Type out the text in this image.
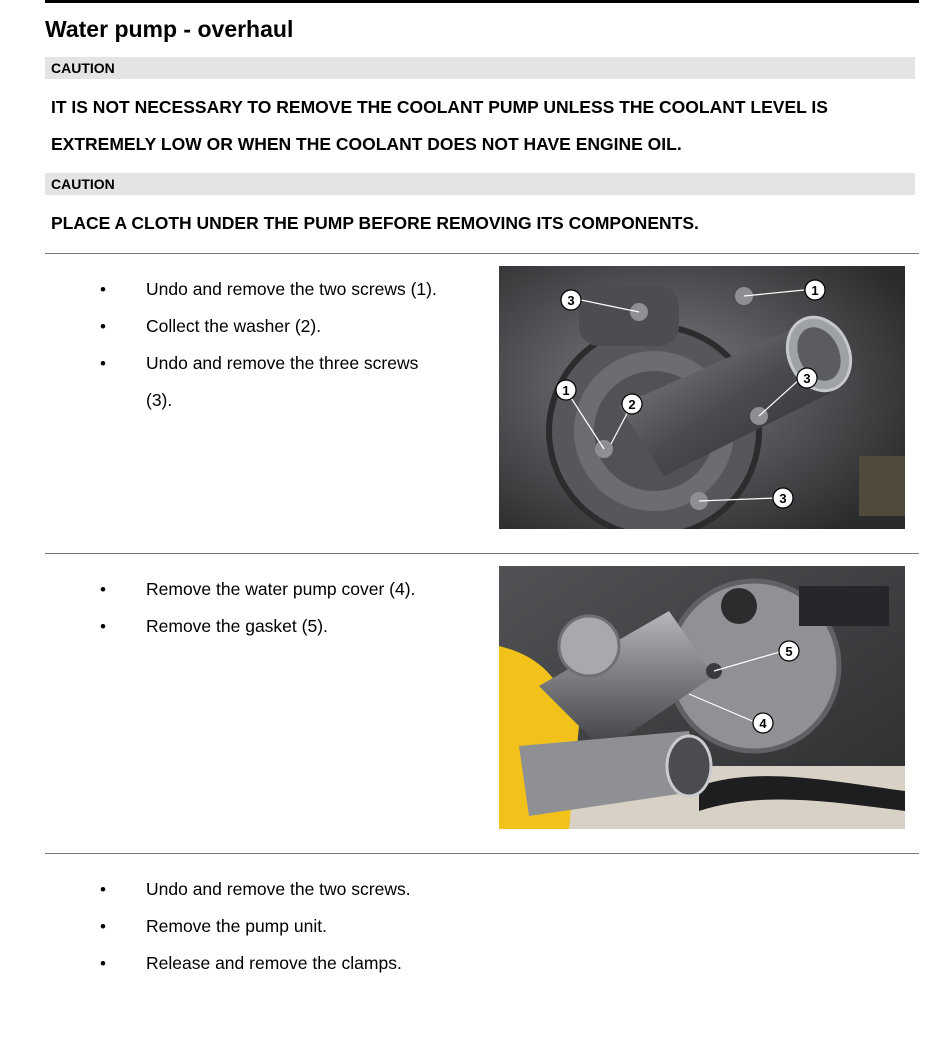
Water pump - overhaul
CAUTION

IT IS NOT NECESSARY TO REMOVE THE COOLANT PUMP UNLESS THE COOLANT LEVEL IS

EXTREMELY LOW OR WHEN THE COOLANT DOES NOT HAVE ENGINE OIL.

CAUTION

PLACE A CLOTH UNDER THE PUMP BEFORE REMOVING ITS COMPONENTS.

• Undo and remove the two screws (1).
• Collect the washer (2).
• Undo and remove the three screws
(3).
3
1
3
1
2
3
• Remove the water pump cover (4).
• Remove the gasket (5).
5
4
• Undo and remove the two screws.
• Remove the pump unit.
• Release and remove the clamps.
